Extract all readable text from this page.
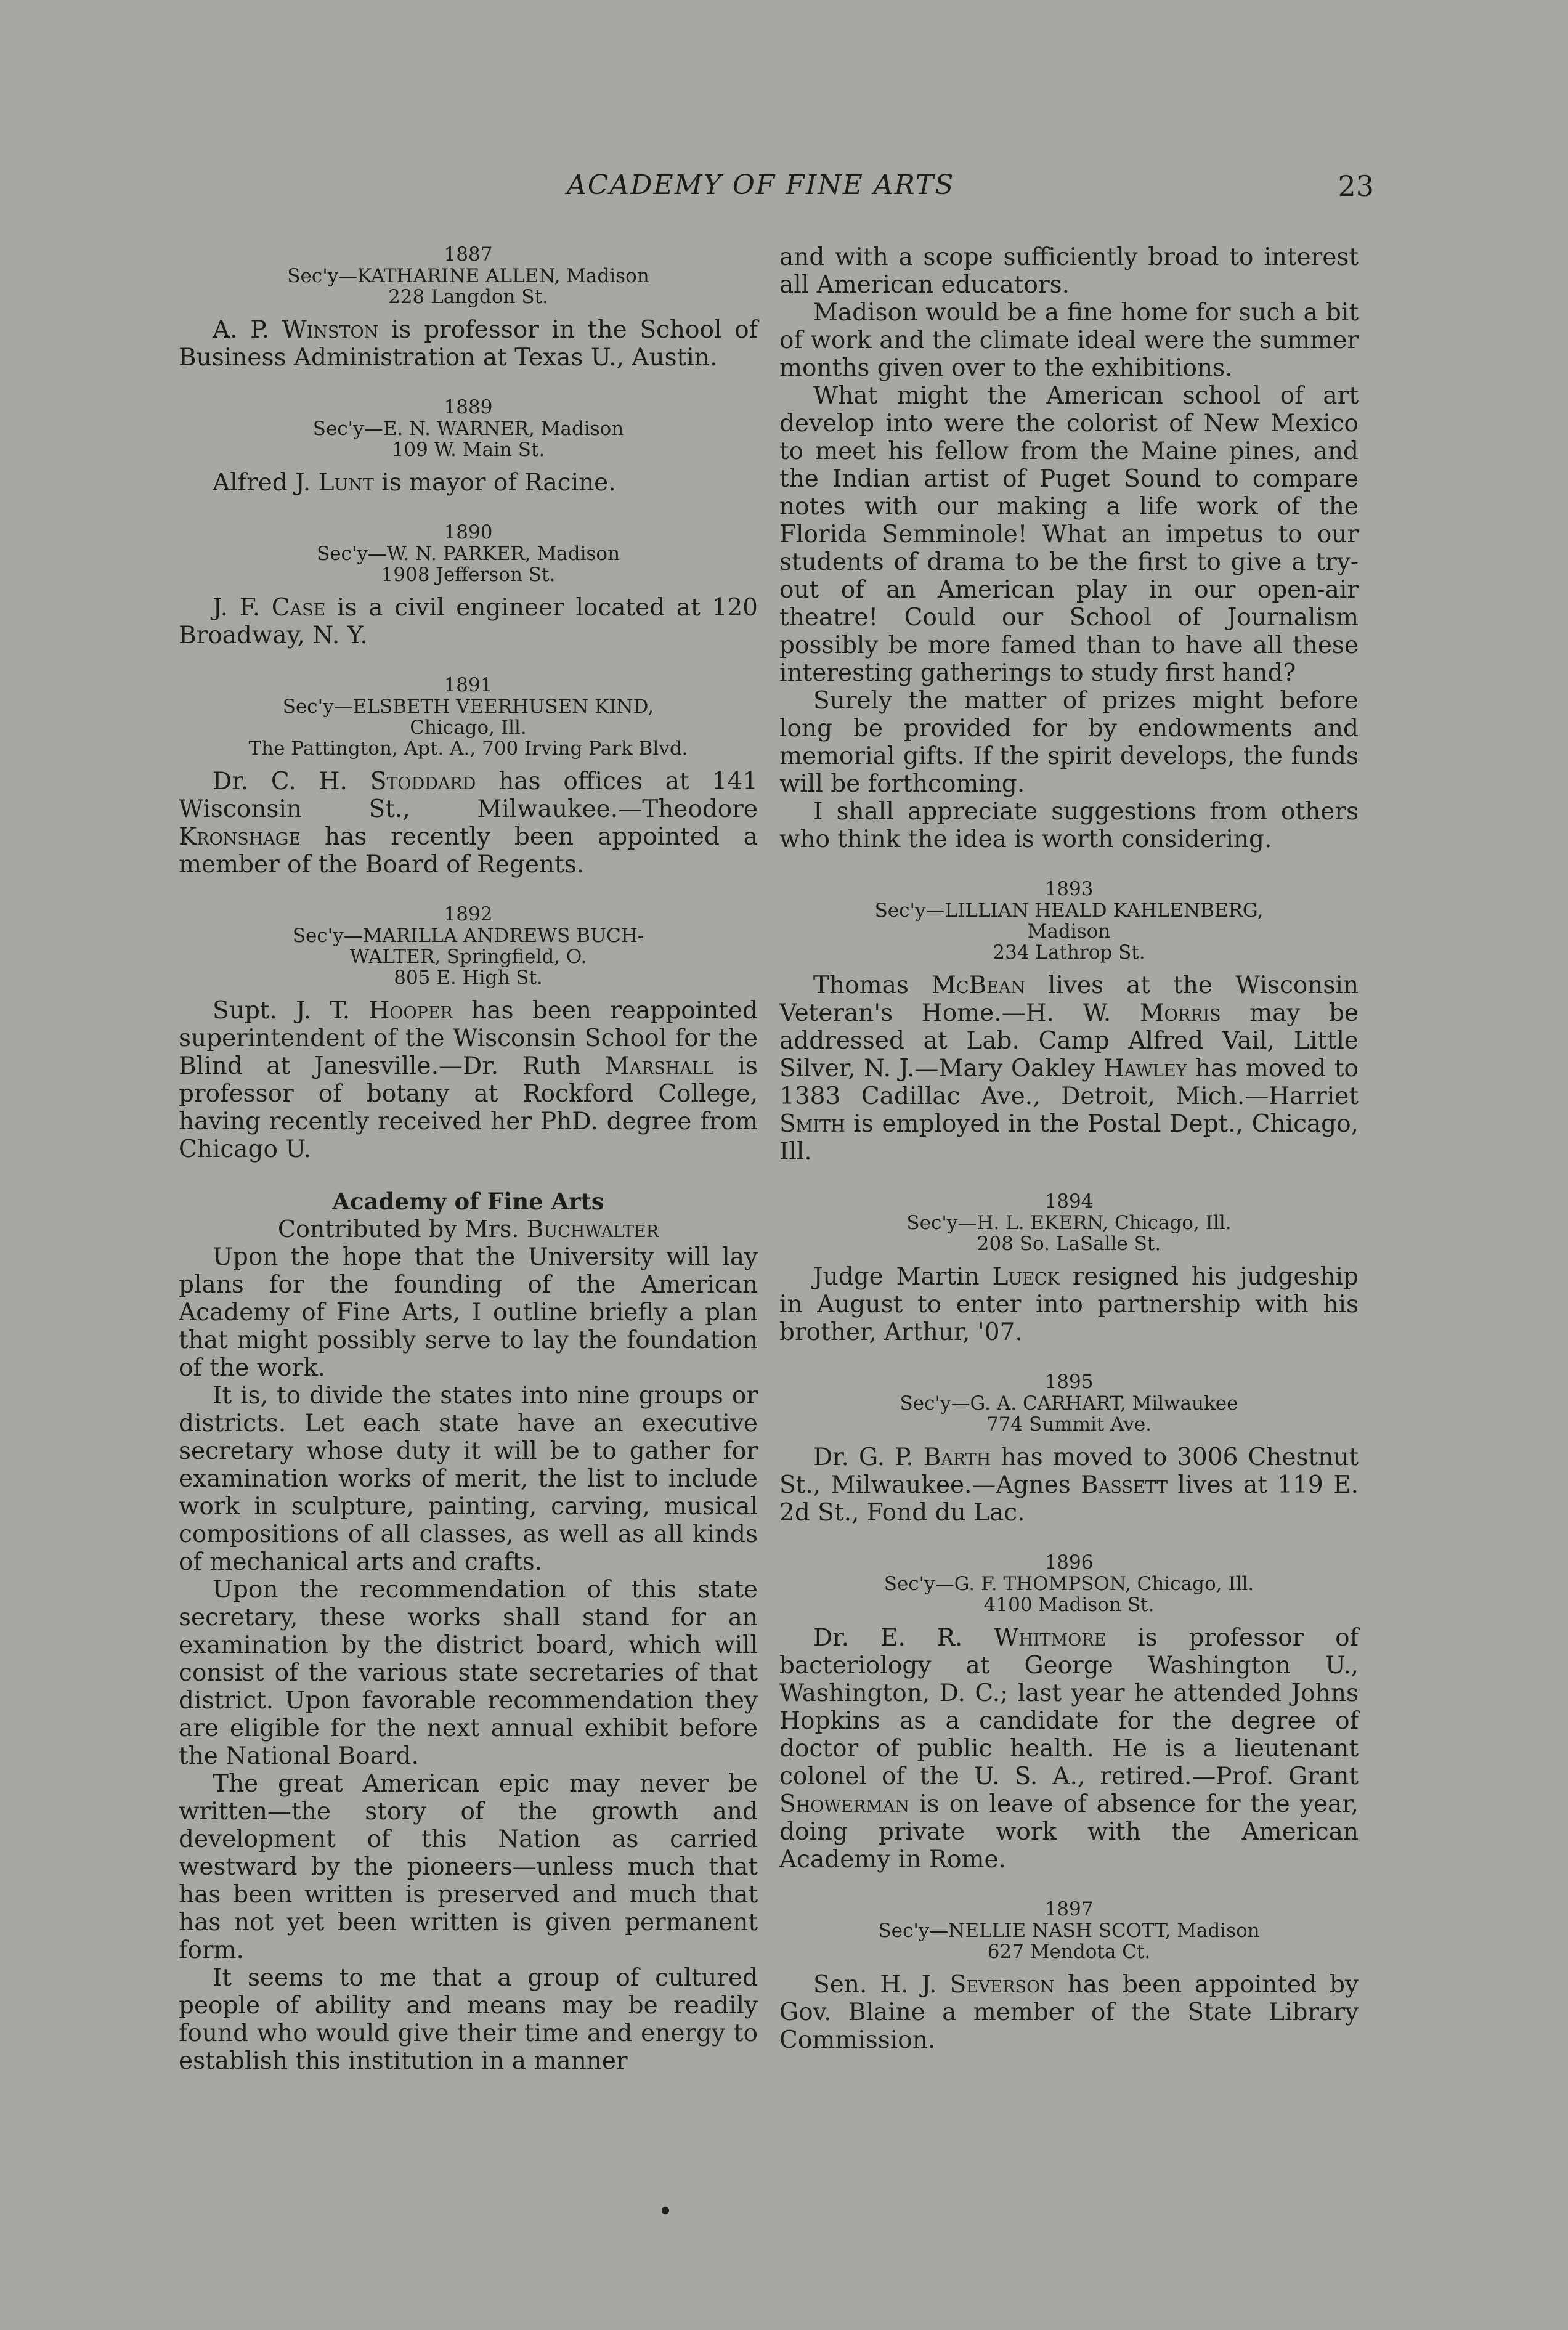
ACADEMY OF FINE ARTS	23
1887
Sec'y—KATHARINE ALLEN, Madison
228 Langdon St.

A. P. Winston is professor in the School of Business Administration at Texas U., Austin.

1889
Sec'y—E. N. WARNER, Madison
109 W. Main St.

Alfred J. Lunt is mayor of Racine.

1890
Sec'y—W. N. PARKER, Madison
1908 Jefferson St.

J. F. Case is a civil engineer located at 120 Broadway, N. Y.

1891
Sec'y—ELSBETH VEERHUSEN KIND,
Chicago, Ill.
The Pattington, Apt. A., 700 Irving Park Blvd.

Dr. C. H. Stoddard has offices at 141 Wisconsin St., Milwaukee.—Theodore Kronshage has recently been appointed a member of the Board of Regents.

1892
Sec'y—MARILLA ANDREWS BUCH-
WALTER, Springfield, O.
805 E. High St.

Supt. J. T. Hooper has been reappointed superintendent of the Wisconsin School for the Blind at Janesville.—Dr. Ruth Marshall is professor of botany at Rockford College, having recently received her PhD. degree from Chicago U.

Academy of Fine Arts
Contributed by Mrs. Buchwalter

Upon the hope that the University will lay plans for the founding of the American Academy of Fine Arts, I outline briefly a plan that might possibly serve to lay the foundation of the work.

It is, to divide the states into nine groups or districts. Let each state have an executive secretary whose duty it will be to gather for examination works of merit, the list to include work in sculpture, painting, carving, musical compositions of all classes, as well as all kinds of mechanical arts and crafts.

Upon the recommendation of this state secretary, these works shall stand for an examination by the district board, which will consist of the various state secretaries of that district. Upon favorable recommendation they are eligible for the next annual exhibit before the National Board.

The great American epic may never be written—the story of the growth and development of this Nation as carried westward by the pioneers—unless much that has been written is preserved and much that has not yet been written is given permanent form.

It seems to me that a group of cultured people of ability and means may be readily found who would give their time and energy to establish this institution in a manner

and with a scope sufficiently broad to interest all American educators.

Madison would be a fine home for such a bit of work and the climate ideal were the summer months given over to the exhibitions.

What might the American school of art develop into were the colorist of New Mexico to meet his fellow from the Maine pines, and the Indian artist of Puget Sound to compare notes with our making a life work of the Florida Semminole! What an impetus to our students of drama to be the first to give a try-out of an American play in our open-air theatre! Could our School of Journalism possibly be more famed than to have all these interesting gatherings to study first hand?

Surely the matter of prizes might before long be provided for by endowments and memorial gifts. If the spirit develops, the funds will be forthcoming.

I shall appreciate suggestions from others who think the idea is worth considering.

1893
Sec'y—LILLIAN HEALD KAHLENBERG,
Madison
234 Lathrop St.

Thomas McBean lives at the Wisconsin Veteran's Home.—H. W. Morris may be addressed at Lab. Camp Alfred Vail, Little Silver, N. J.—Mary Oakley Hawley has moved to 1383 Cadillac Ave., Detroit, Mich.—Harriet Smith is employed in the Postal Dept., Chicago, Ill.

1894
Sec'y—H. L. EKERN, Chicago, Ill.
208 So. LaSalle St.

Judge Martin Lueck resigned his judgeship in August to enter into partnership with his brother, Arthur, '07.

1895
Sec'y—G. A. CARHART, Milwaukee
774 Summit Ave.

Dr. G. P. Barth has moved to 3006 Chestnut St., Milwaukee.—Agnes Bassett lives at 119 E. 2d St., Fond du Lac.

1896
Sec'y—G. F. THOMPSON, Chicago, Ill.
4100 Madison St.

Dr. E. R. Whitmore is professor of bacteriology at George Washington U., Washington, D. C.; last year he attended Johns Hopkins as a candidate for the degree of doctor of public health. He is a lieutenant colonel of the U. S. A., retired.—Prof. Grant Showerman is on leave of absence for the year, doing private work with the American Academy in Rome.

1897
Sec'y—NELLIE NASH SCOTT, Madison
627 Mendota Ct.

Sen. H. J. Severson has been appointed by Gov. Blaine a member of the State Library Commission.
